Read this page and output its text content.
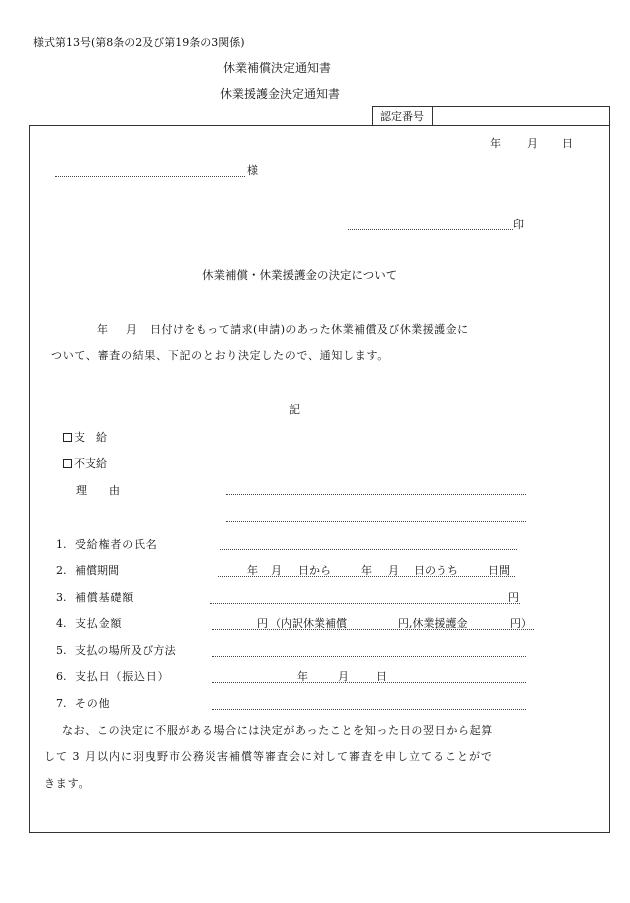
様式第13号(第8条の2及び第19条の3関係)
休業補償決定通知書
休業援護金決定通知書
認定番号
年 月 日
様
印
休業補償・休業援護金の決定について
年 月 日付けをもって請求(申請)のあった休業補償及び休業援護金に
ついて、審査の結果、下記のとおり決定したので、通知します。
記
支　給
不支給
理　　由
1. 受給権者の氏名
2. 補償期間	年 月 日から	年 月 日のうち	日間
3. 補償基礎額	円
4. 支払金額	円 （内訳休業補償	円,休業援護金	円）
5. 支払の場所及び方法
6. 支払日（振込日）	年	月 日
7. その他
なお、この決定に不服がある場合には決定があったことを知った日の翌日から起算
して 3 月以内に羽曳野市公務災害補償等審査会に対して審査を申し立てることがで
きます。
